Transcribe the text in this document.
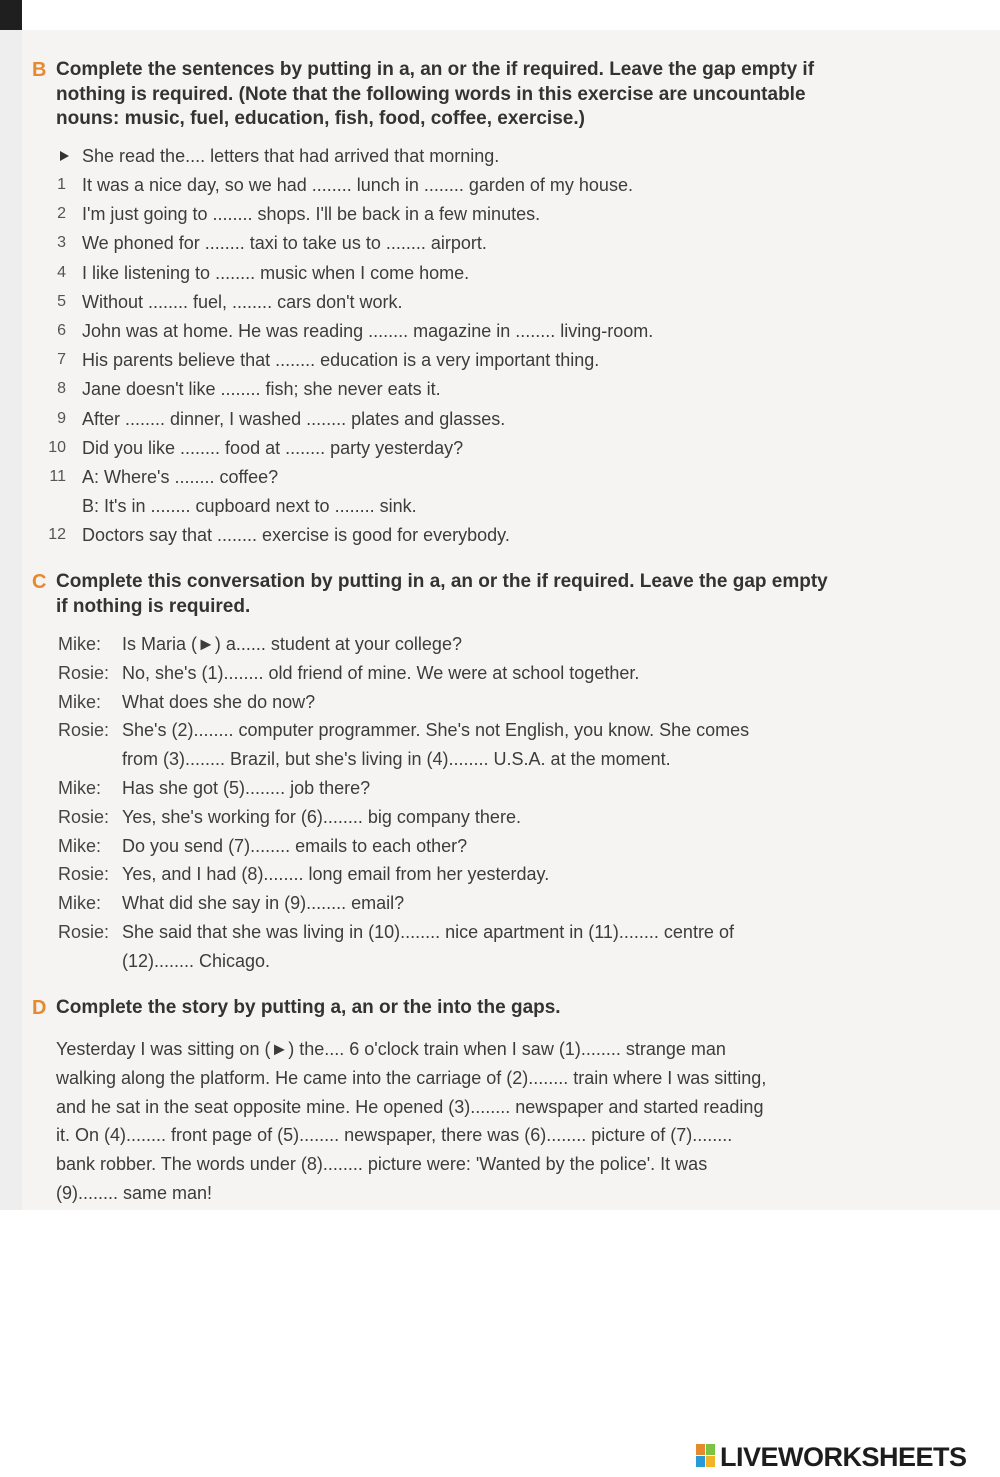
B Complete the sentences by putting in a, an or the if required. Leave the gap empty if
nothing is required. (Note that the following words in this exercise are uncountable
nouns: music, fuel, education, fish, food, coffee, exercise.)
She read the.... letters that had arrived that morning.
1 It was a nice day, so we had ........ lunch in ........ garden of my house.
2 I'm just going to ........ shops. I'll be back in a few minutes.
3 We phoned for ........ taxi to take us to ........ airport.
4 I like listening to ........ music when I come home.
5 Without ........ fuel, ........ cars don't work.
6 John was at home. He was reading ........ magazine in ........ living-room.
7 His parents believe that ........ education is a very important thing.
8 Jane doesn't like ........ fish; she never eats it.
9 After ........ dinner, I washed ........ plates and glasses.
10 Did you like ........ food at ........ party yesterday?
11 A: Where's ........ coffee?
B: It's in ........ cupboard next to ........ sink.
12 Doctors say that ........ exercise is good for everybody.
C Complete this conversation by putting in a, an or the if required. Leave the gap empty
if nothing is required.
Mike: Is Maria (►) a...... student at your college?
Rosie: No, she's (1)........ old friend of mine. We were at school together.
Mike: What does she do now?
Rosie: She's (2)........ computer programmer. She's not English, you know. She comes
from (3)........ Brazil, but she's living in (4)........ U.S.A. at the moment.
Mike: Has she got (5)........ job there?
Rosie: Yes, she's working for (6)........ big company there.
Mike: Do you send (7)........ emails to each other?
Rosie: Yes, and I had (8)........ long email from her yesterday.
Mike: What did she say in (9)........ email?
Rosie: She said that she was living in (10)........ nice apartment in (11)........ centre of
(12)........ Chicago.
D Complete the story by putting a, an or the into the gaps.
Yesterday I was sitting on (►) the.... 6 o'clock train when I saw (1)........ strange man
walking along the platform. He came into the carriage of (2)........ train where I was sitting,
and he sat in the seat opposite mine. He opened (3)........ newspaper and started reading
it. On (4)........ front page of (5)........ newspaper, there was (6)........ picture of (7)........
bank robber. The words under (8)........ picture were: 'Wanted by the police'. It was
(9)........ same man!
LIVEWORKSHEETS
